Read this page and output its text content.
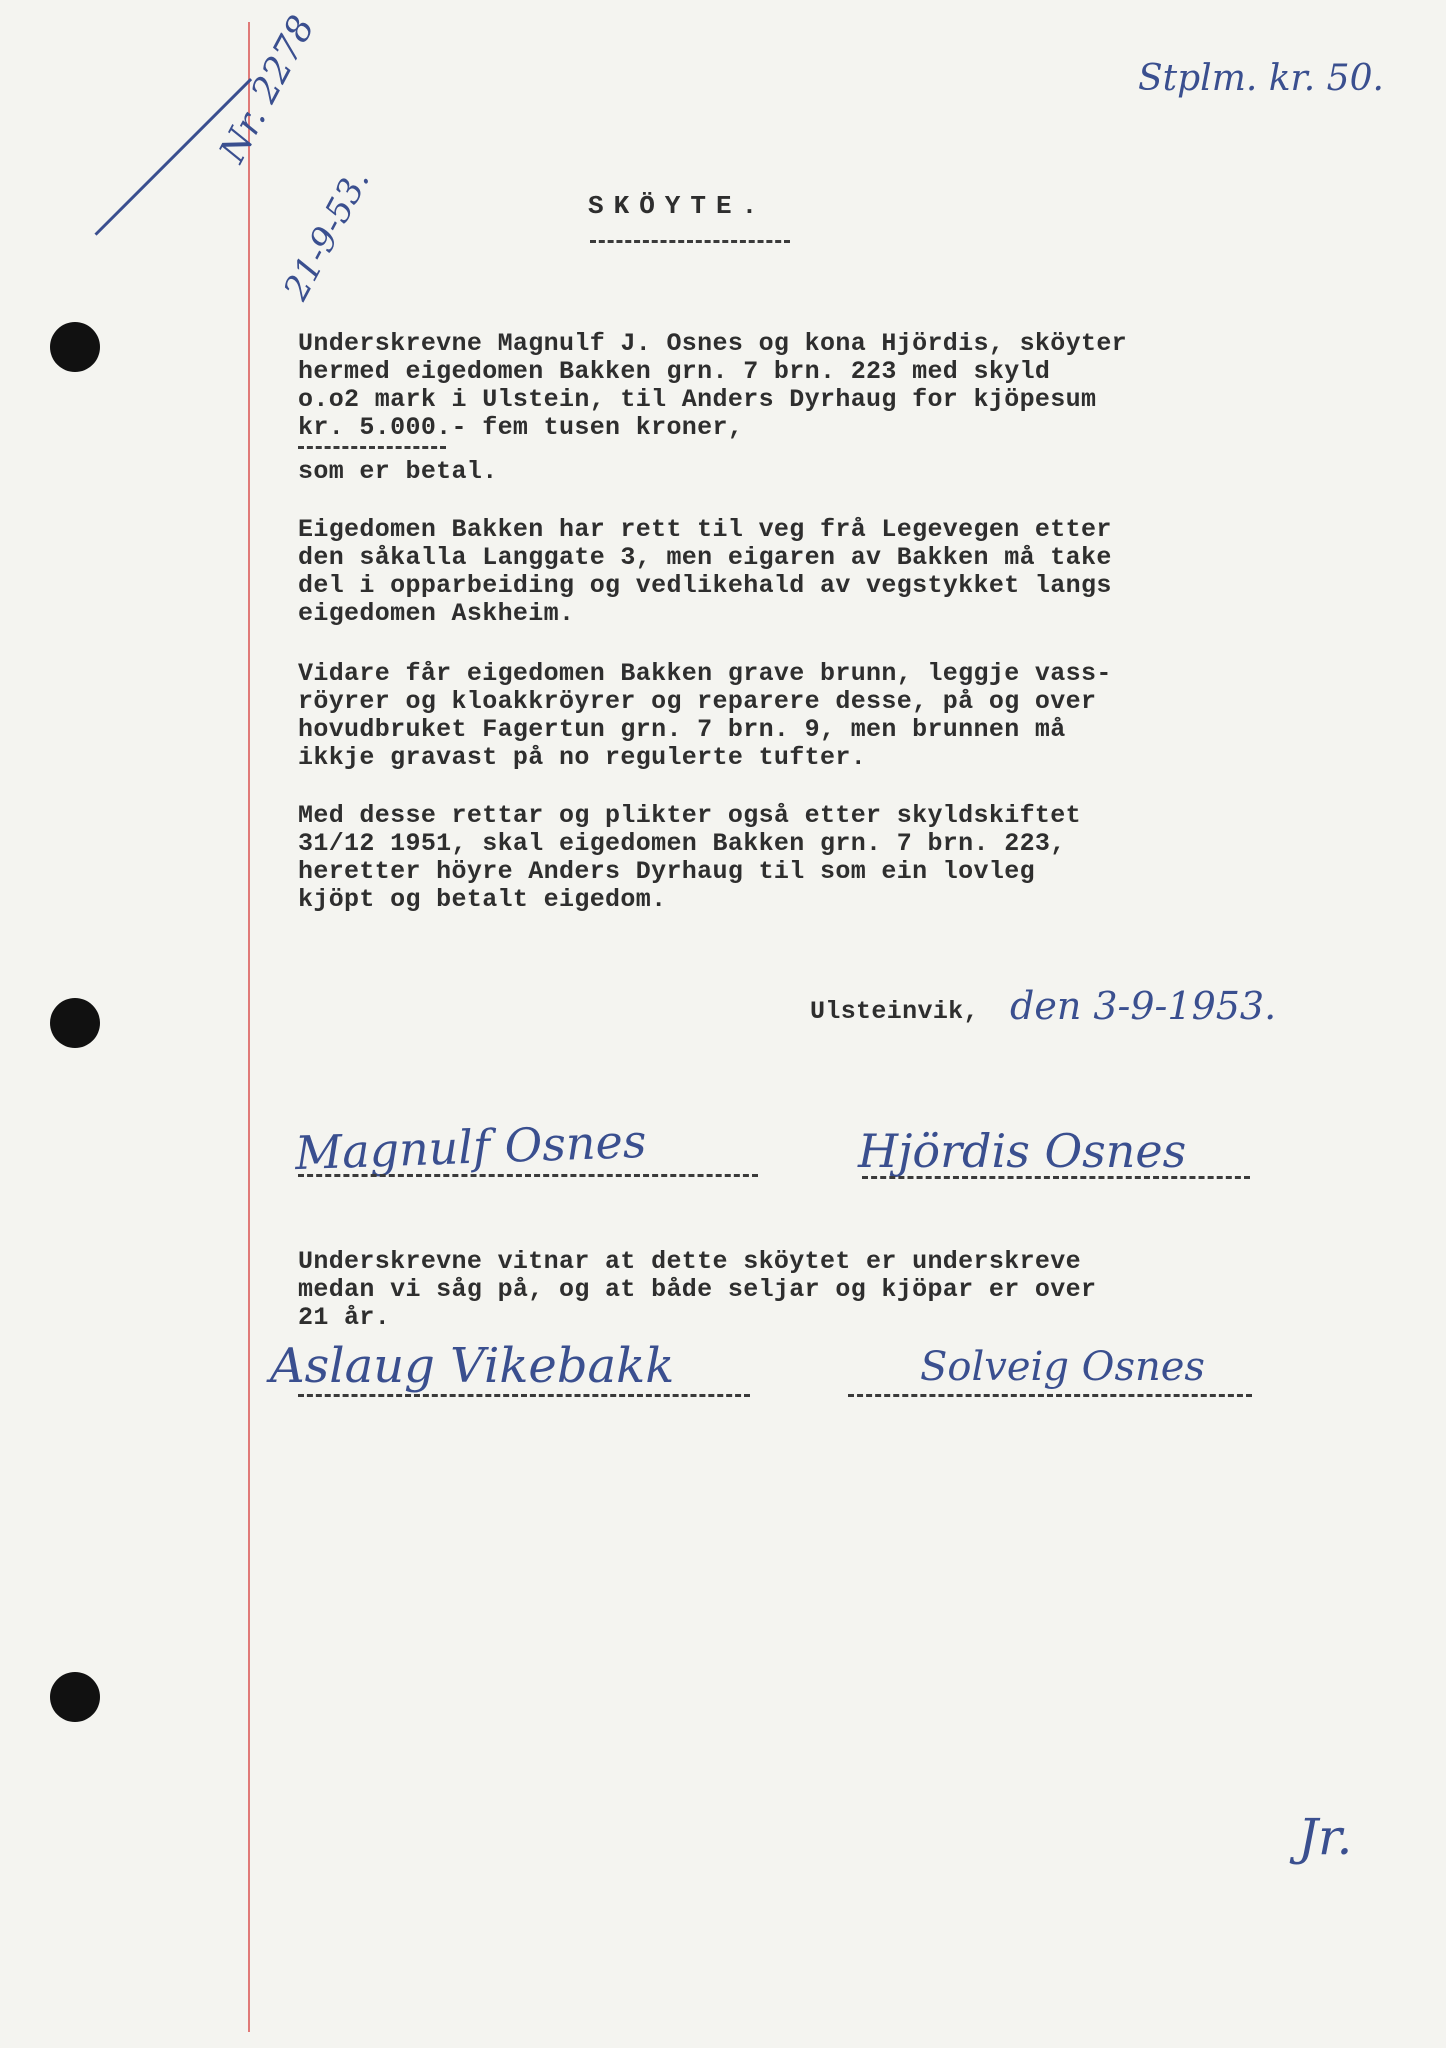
Stplm. kr. 50.
Nr. 2278
21-9-53.	SKÖYTE.
Underskrevne Magnulf J. Osnes og kona Hjördis, sköyter
hermed eigedomen Bakken grn. 7 brn. 223 med skyld
o.o2 mark i Ulstein, til Anders Dyrhaug for kjöpesum
kr. 5.000.- fem tusen kroner,
som er betal.
Eigedomen Bakken har rett til veg frå Legevegen etter
den såkalla Langgate 3, men eigaren av Bakken må take
del i opparbeiding og vedlikehald av vegstykket langs
eigedomen Askheim.
Vidare får eigedomen Bakken grave brunn, leggje vass-
röyrer og kloakkröyrer og reparere desse, på og over
hovudbruket Fagertun grn. 7 brn. 9, men brunnen må
ikkje gravast på no regulerte tufter.
Med desse rettar og plikter også etter skyldskiftet
31/12 1951, skal eigedomen Bakken grn. 7 brn. 223,
heretter höyre Anders Dyrhaug til som ein lovleg
kjöpt og betalt eigedom.
Ulsteinvik, den 3-9-1953.
Magnulf Osnes	Hjördis Osnes
Underskrevne vitnar at dette sköytet er underskreve
medan vi såg på, og at både seljar og kjöpar er over
21 år.
Aslaug Vikebakk	Solveig Osnes
Jr.
